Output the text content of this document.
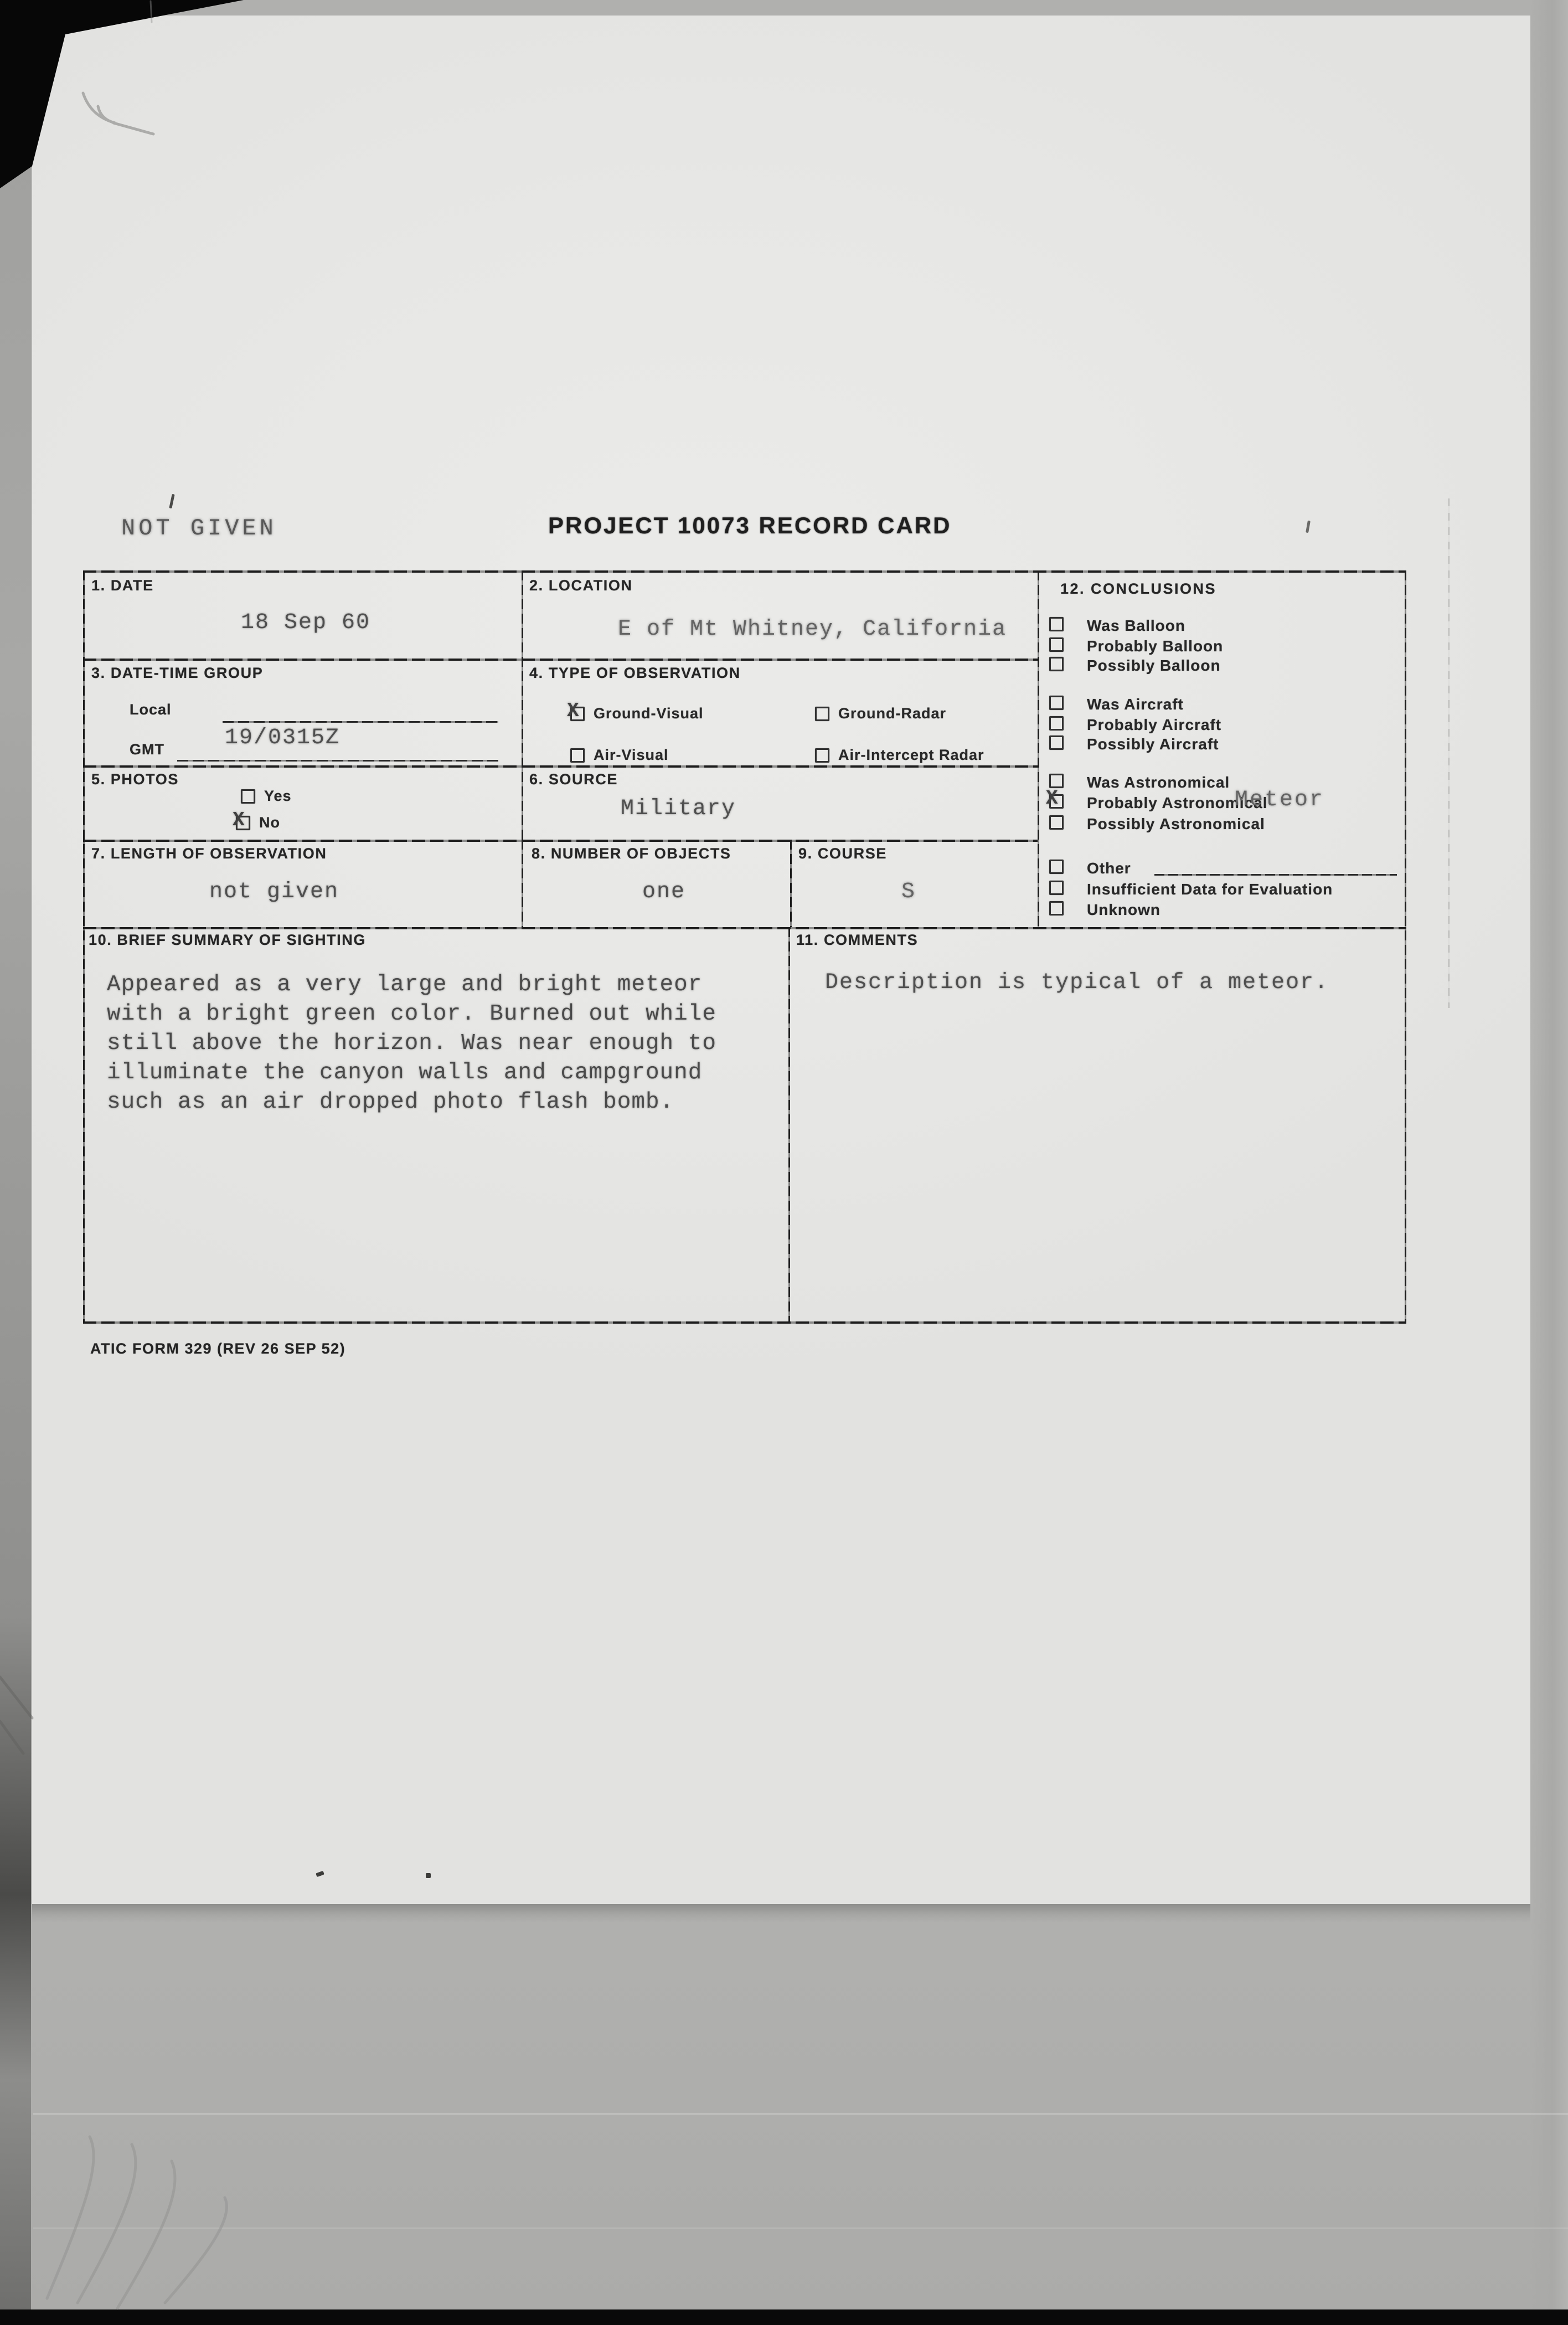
NOT GIVEN	PROJECT 10073 RECORD CARD
1. DATE
18 Sep 60
2. LOCATION
E of Mt Whitney, California
3. DATE-TIME GROUP
Local
GMT	19/0315Z
4. TYPE OF OBSERVATION
X Ground-Visual	Ground-Radar
Air-Visual	Air-Intercept Radar
5. PHOTOS
Yes
X No
6. SOURCE
Military
7. LENGTH OF OBSERVATION
not given
8. NUMBER OF OBJECTS
one
9. COURSE
S
10. BRIEF SUMMARY OF SIGHTING
Appeared as a very large and bright meteor
with a bright green color. Burned out while
still above the horizon. Was near enough to
illuminate the canyon walls and campground
such as an air dropped photo flash bomb.
11. COMMENTS
Description is typical of a meteor.
12. CONCLUSIONS
Was Balloon
Probably Balloon
Possibly Balloon
Was Aircraft
Probably Aircraft
Possibly Aircraft
Was Astronomical
X Probably Astronomical
Meteor
Possibly Astronomical
Other
Insufficient Data for Evaluation
Unknown
ATIC FORM 329 (REV 26 SEP 52)
